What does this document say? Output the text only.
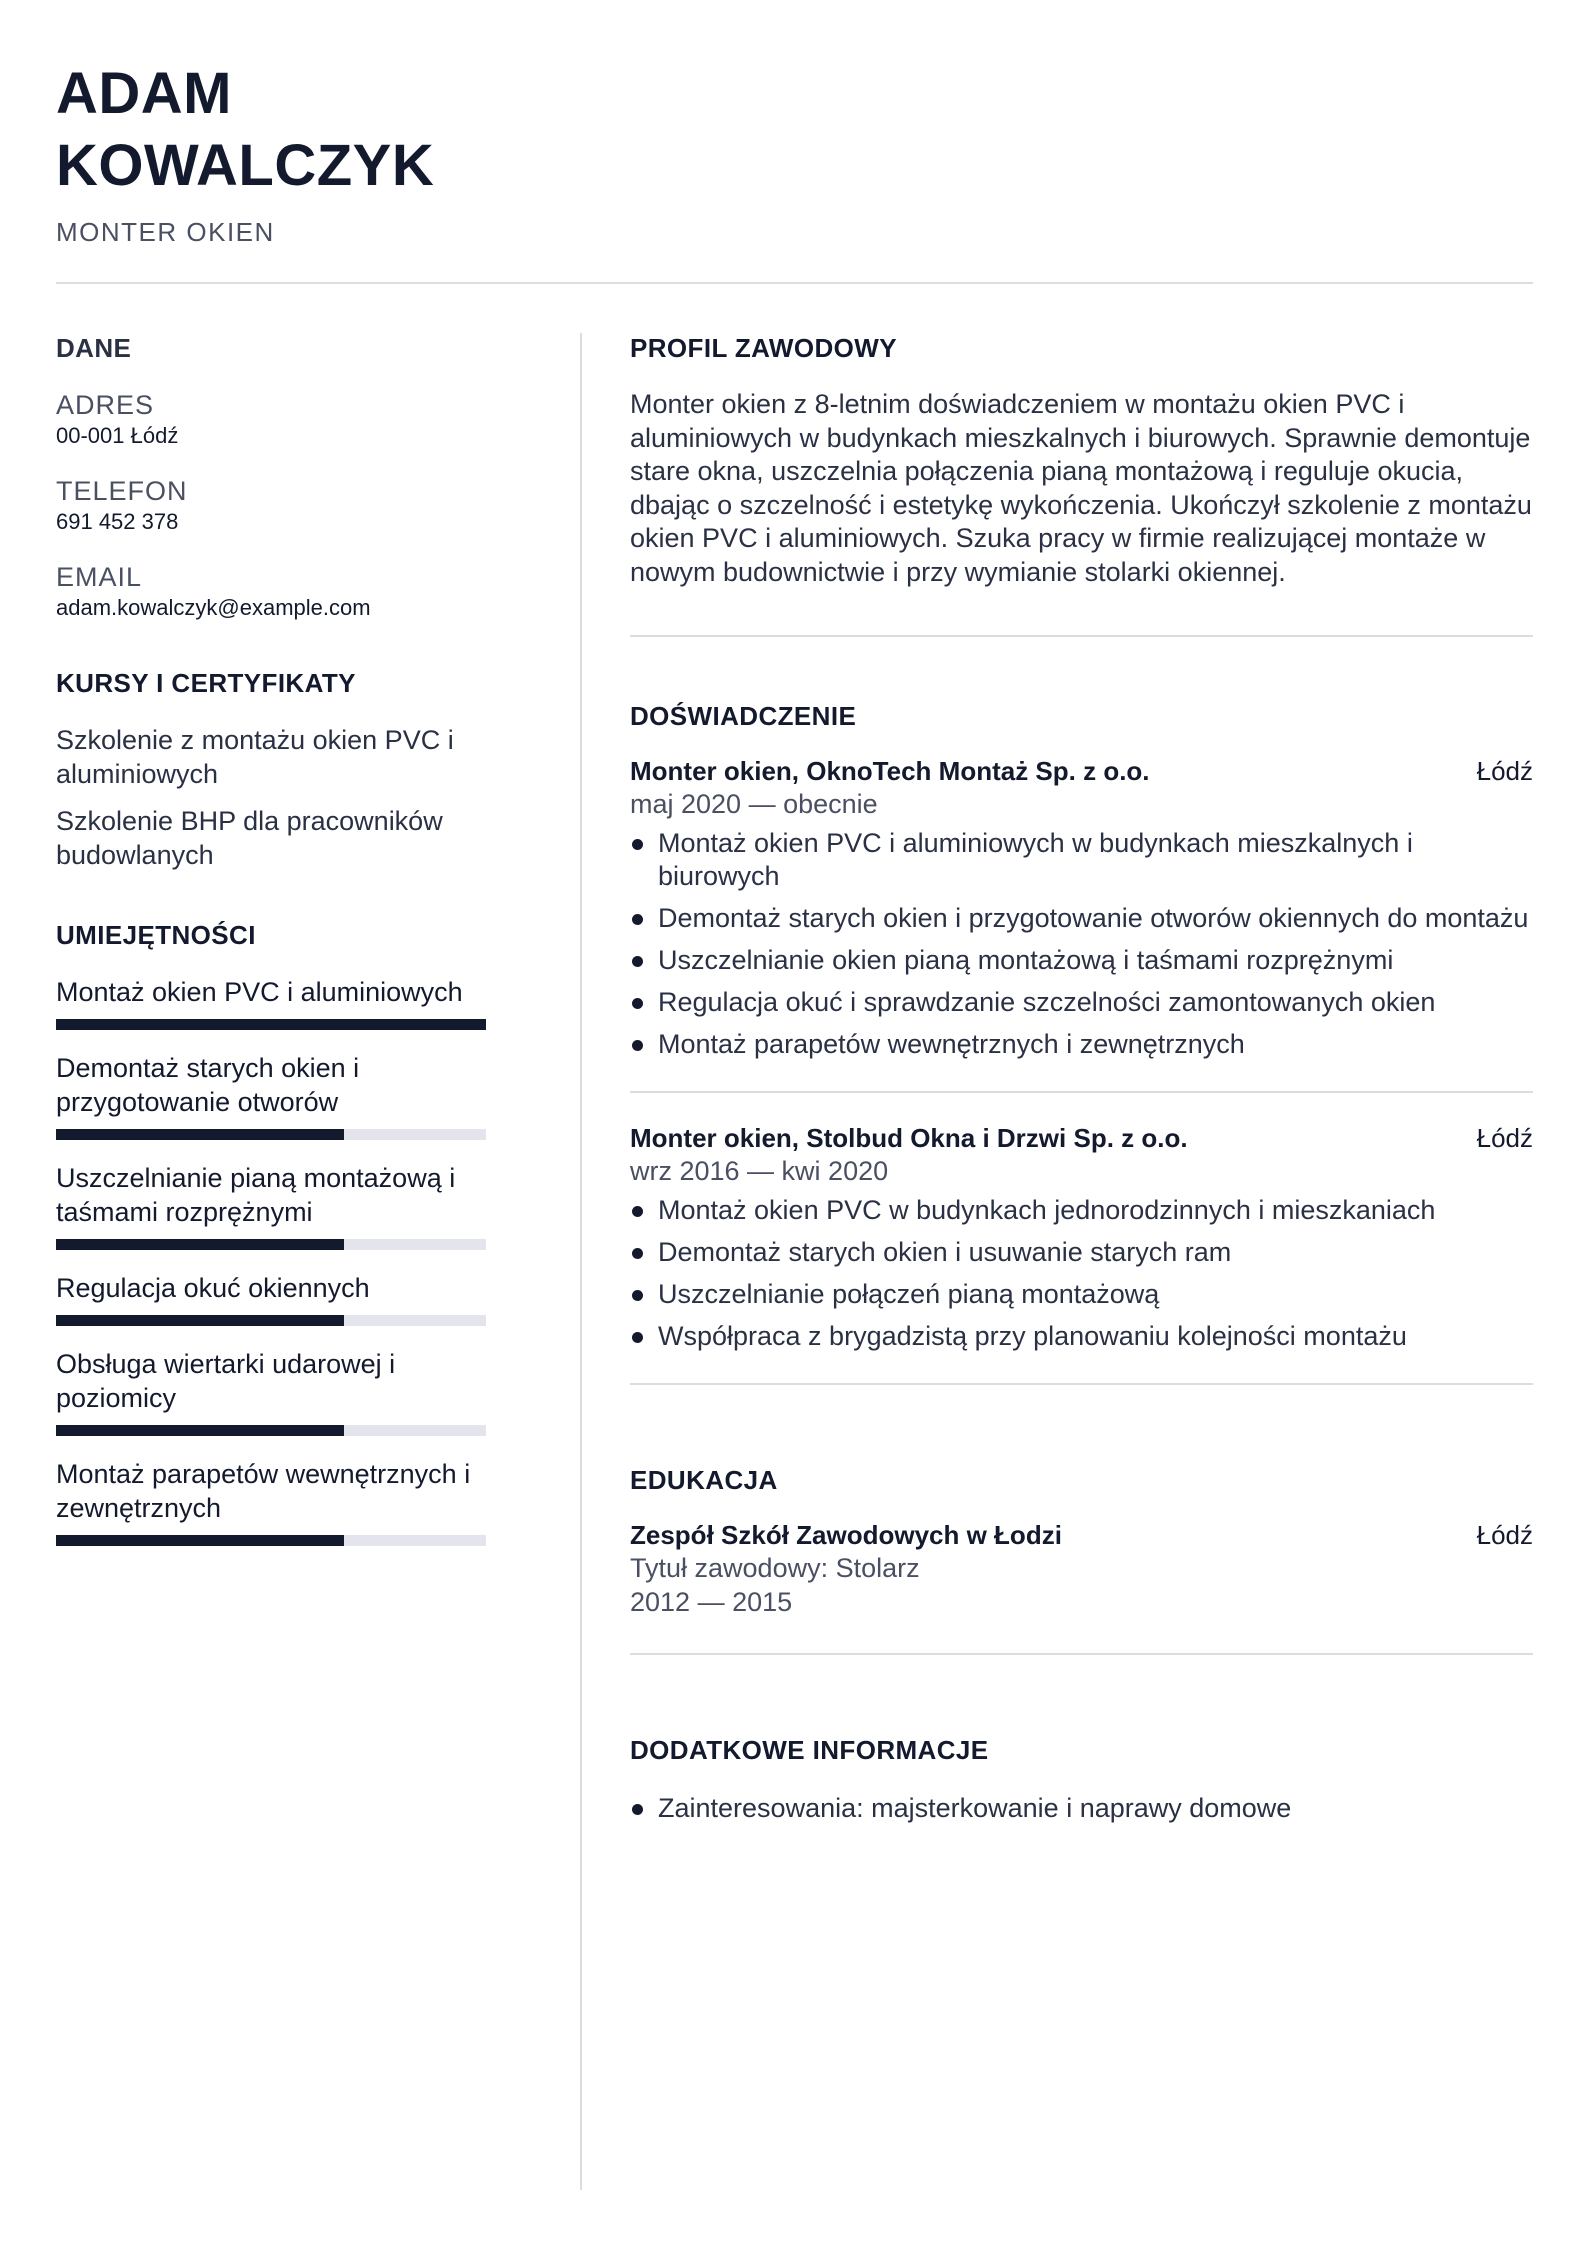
ADAM
KOWALCZYK
MONTER OKIEN
DANE
ADRES
00-001 Łódź
TELEFON
691 452 378
EMAIL
adam.kowalczyk@example.com
KURSY I CERTYFIKATY
Szkolenie z montażu okien PVC i aluminiowych
Szkolenie BHP dla pracowników budowlanych
UMIEJĘTNOŚCI
Montaż okien PVC i aluminiowych
Demontaż starych okien i przygotowanie otworów
Uszczelnianie pianą montażową i taśmami rozprężnymi
Regulacja okuć okiennych
Obsługa wiertarki udarowej i poziomicy
Montaż parapetów wewnętrznych i zewnętrznych
PROFIL ZAWODOWY
Monter okien z 8-letnim doświadczeniem w montażu okien PVC i aluminiowych w budynkach mieszkalnych i biurowych. Sprawnie demontuje stare okna, uszczelnia połączenia pianą montażową i reguluje okucia, dbając o szczelność i estetykę wykończenia. Ukończył szkolenie z montażu okien PVC i aluminiowych. Szuka pracy w firmie realizującej montaże w nowym budownictwie i przy wymianie stolarki okiennej.
DOŚWIADCZENIE
Monter okien, OknoTech Montaż Sp. z o.o.	Łódź
maj 2020 — obecnie
Montaż okien PVC i aluminiowych w budynkach mieszkalnych i biurowych
Demontaż starych okien i przygotowanie otworów okiennych do montażu
Uszczelnianie okien pianą montażową i taśmami rozprężnymi
Regulacja okuć i sprawdzanie szczelności zamontowanych okien
Montaż parapetów wewnętrznych i zewnętrznych
Monter okien, Stolbud Okna i Drzwi Sp. z o.o.	Łódź
wrz 2016 — kwi 2020
Montaż okien PVC w budynkach jednorodzinnych i mieszkaniach
Demontaż starych okien i usuwanie starych ram
Uszczelnianie połączeń pianą montażową
Współpraca z brygadzistą przy planowaniu kolejności montażu
EDUKACJA
Zespół Szkół Zawodowych w Łodzi	Łódź
Tytuł zawodowy: Stolarz
2012 — 2015
DODATKOWE INFORMACJE
Zainteresowania: majsterkowanie i naprawy domowe
